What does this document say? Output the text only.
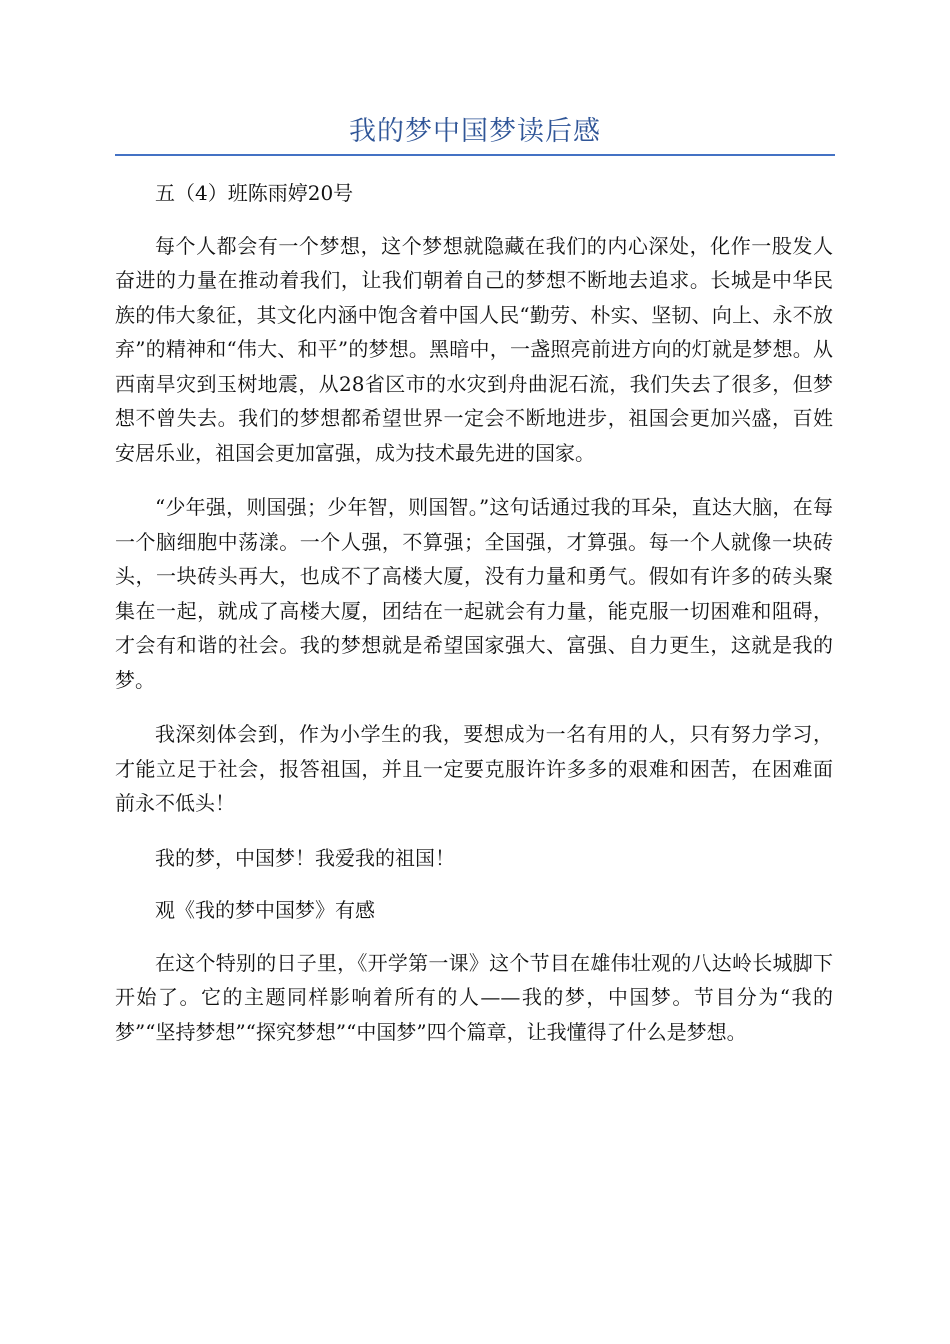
我的梦中国梦读后感

五（4）班陈雨婷20号

每个人都会有一个梦想，这个梦想就隐藏在我们的内心深处，化作一股发人奋进的力量在推动着我们，让我们朝着自己的梦想不断地去追求。长城是中华民族的伟大象征，其文化内涵中饱含着中国人民“勤劳、朴实、坚韧、向上、永不放弃”的精神和“伟大、和平”的梦想。黑暗中，一盏照亮前进方向的灯就是梦想。从西南旱灾到玉树地震，从28省区市的水灾到舟曲泥石流，我们失去了很多，但梦想不曾失去。我们的梦想都希望世界一定会不断地进步，祖国会更加兴盛，百姓安居乐业，祖国会更加富强，成为技术最先进的国家。

“少年强，则国强；少年智，则国智。”这句话通过我的耳朵，直达大脑，在每一个脑细胞中荡漾。一个人强，不算强；全国强，才算强。每一个人就像一块砖头，一块砖头再大，也成不了高楼大厦，没有力量和勇气。假如有许多的砖头聚集在一起，就成了高楼大厦，团结在一起就会有力量，能克服一切困难和阻碍，才会有和谐的社会。我的梦想就是希望国家强大、富强、自力更生，这就是我的梦。

我深刻体会到，作为小学生的我，要想成为一名有用的人，只有努力学习，才能立足于社会，报答祖国，并且一定要克服许许多多的艰难和困苦，在困难面前永不低头！

我的梦，中国梦！我爱我的祖国！

观《我的梦中国梦》有感

在这个特别的日子里，《开学第一课》这个节目在雄伟壮观的八达岭长城脚下开始了。它的主题同样影响着所有的人——我的梦，中国梦。节目分为“我的梦”“坚持梦想”“探究梦想”“中国梦”四个篇章，让我懂得了什么是梦想。
